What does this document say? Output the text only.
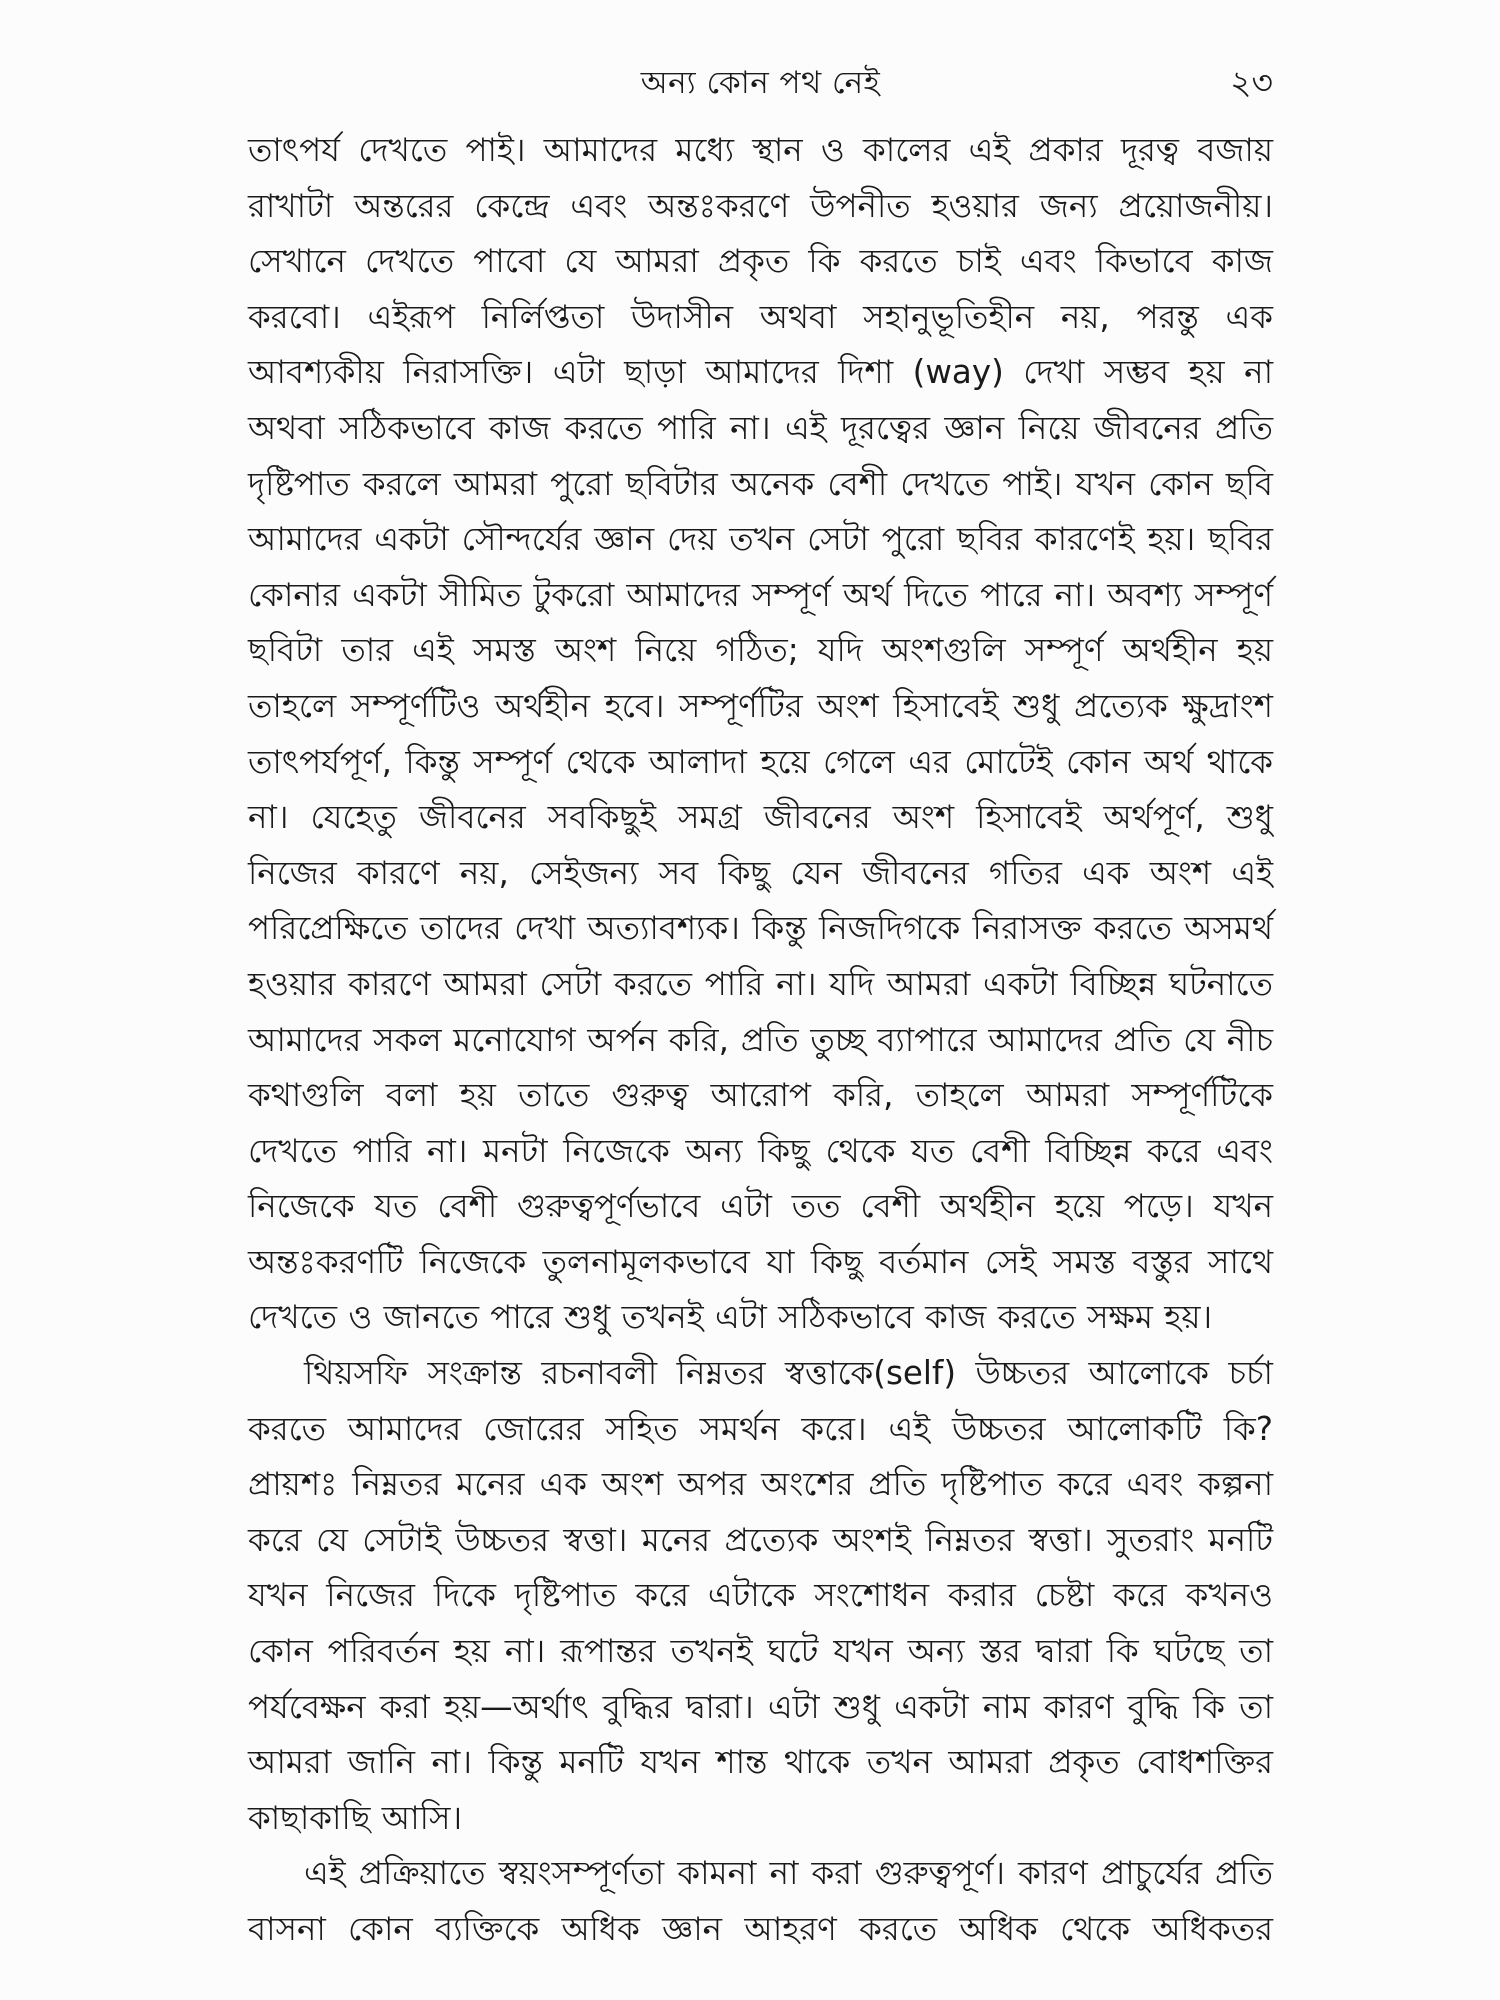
অন্য কোন পথ নেই	২৩

তাৎপর্য দেখতে পাই। আমাদের মধ্যে স্থান ও কালের এই প্রকার দূরত্ব বজায় রাখাটা অন্তরের কেন্দ্রে এবং অন্তঃকরণে উপনীত হওয়ার জন্য প্রয়োজনীয়। সেখানে দেখতে পাবো যে আমরা প্রকৃত কি করতে চাই এবং কিভাবে কাজ করবো। এইরূপ নির্লিপ্ততা উদাসীন অথবা সহানুভূতিহীন নয়, পরন্তু এক আবশ্যকীয় নিরাসক্তি। এটা ছাড়া আমাদের দিশা (way) দেখা সম্ভব হয় না অথবা সঠিকভাবে কাজ করতে পারি না। এই দূরত্বের জ্ঞান নিয়ে জীবনের প্রতি দৃষ্টিপাত করলে আমরা পুরো ছবিটার অনেক বেশী দেখতে পাই। যখন কোন ছবি আমাদের একটা সৌন্দর্যের জ্ঞান দেয় তখন সেটা পুরো ছবির কারণেই হয়। ছবির কোনার একটা সীমিত টুকরো আমাদের সম্পূর্ণ অর্থ দিতে পারে না। অবশ্য সম্পূর্ণ ছবিটা তার এই সমস্ত অংশ নিয়ে গঠিত; যদি অংশগুলি সম্পূর্ণ অর্থহীন হয় তাহলে সম্পূর্ণটিও অর্থহীন হবে। সম্পূর্ণটির অংশ হিসাবেই শুধু প্রত্যেক ক্ষুদ্রাংশ তাৎপর্যপূর্ণ, কিন্তু সম্পূর্ণ থেকে আলাদা হয়ে গেলে এর মোটেই কোন অর্থ থাকে না। যেহেতু জীবনের সবকিছুই সমগ্র জীবনের অংশ হিসাবেই অর্থপূর্ণ, শুধু নিজের কারণে নয়, সেইজন্য সব কিছু যেন জীবনের গতির এক অংশ এই পরিপ্রেক্ষিতে তাদের দেখা অত্যাবশ্যক। কিন্তু নিজদিগকে নিরাসক্ত করতে অসমর্থ হওয়ার কারণে আমরা সেটা করতে পারি না। যদি আমরা একটা বিচ্ছিন্ন ঘটনাতে আমাদের সকল মনোযোগ অর্পন করি, প্রতি তুচ্ছ ব্যাপারে আমাদের প্রতি যে নীচ কথাগুলি বলা হয় তাতে গুরুত্ব আরোপ করি, তাহলে আমরা সম্পূর্ণটিকে দেখতে পারি না। মনটা নিজেকে অন্য কিছু থেকে যত বেশী বিচ্ছিন্ন করে এবং নিজেকে যত বেশী গুরুত্বপূর্ণভাবে এটা তত বেশী অর্থহীন হয়ে পড়ে। যখন অন্তঃকরণটি নিজেকে তুলনামূলকভাবে যা কিছু বর্তমান সেই সমস্ত বস্তুর সাথে দেখতে ও জানতে পারে শুধু তখনই এটা সঠিকভাবে কাজ করতে সক্ষম হয়।

থিয়সফি সংক্রান্ত রচনাবলী নিম্নতর স্বত্তাকে(self) উচ্চতর আলোকে চর্চা করতে আমাদের জোরের সহিত সমর্থন করে। এই উচ্চতর আলোকটি কি? প্রায়শঃ নিম্নতর মনের এক অংশ অপর অংশের প্রতি দৃষ্টিপাত করে এবং কল্পনা করে যে সেটাই উচ্চতর স্বত্তা। মনের প্রত্যেক অংশই নিম্নতর স্বত্তা। সুতরাং মনটি যখন নিজের দিকে দৃষ্টিপাত করে এটাকে সংশোধন করার চেষ্টা করে কখনও কোন পরিবর্তন হয় না। রূপান্তর তখনই ঘটে যখন অন্য স্তর দ্বারা কি ঘটছে তা পর্যবেক্ষন করা হয়—অর্থাৎ বুদ্ধির দ্বারা। এটা শুধু একটা নাম কারণ বুদ্ধি কি তা আমরা জানি না। কিন্তু মনটি যখন শান্ত থাকে তখন আমরা প্রকৃত বোধশক্তির কাছাকাছি আসি।

এই প্রক্রিয়াতে স্বয়ংসম্পূর্ণতা কামনা না করা গুরুত্বপূর্ণ। কারণ প্রাচুর্যের প্রতি বাসনা কোন ব্যক্তিকে অধিক জ্ঞান আহরণ করতে অধিক থেকে অধিকতর
